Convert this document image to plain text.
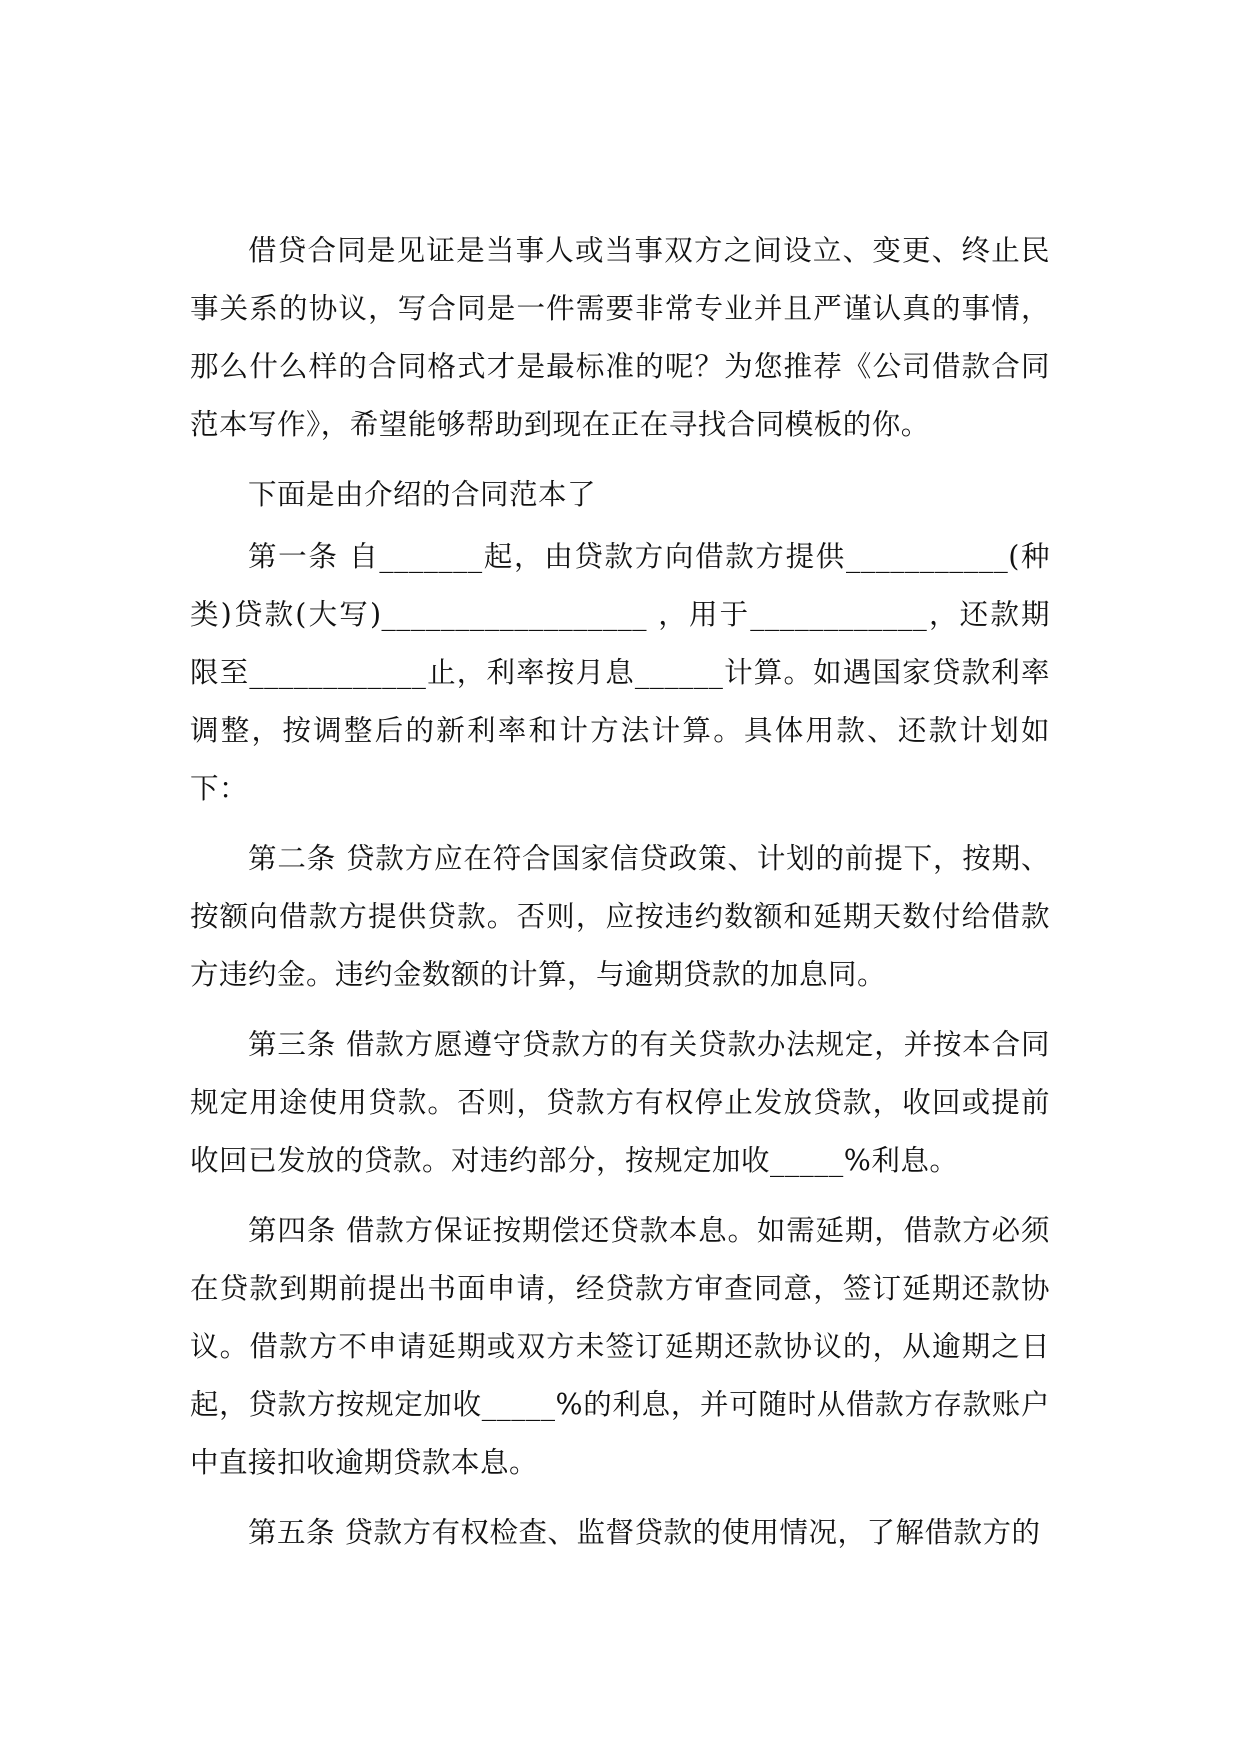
借贷合同是见证是当事人或当事双方之间设立、变更、终止民事关系的协议，写合同是一件需要非常专业并且严谨认真的事情，那么什么样的合同格式才是最标准的呢？为您推荐《公司借款合同范本写作》，希望能够帮助到现在正在寻找合同模板的你。

下面是由介绍的合同范本了

第一条 自_______起，由贷款方向借款方提供___________(种类)贷款(大写)__________________ ，用于____________，还款期限至____________止，利率按月息______计算。如遇国家贷款利率调整，按调整后的新利率和计方法计算。具体用款、还款计划如下：

第二条 贷款方应在符合国家信贷政策、计划的前提下，按期、按额向借款方提供贷款。否则，应按违约数额和延期天数付给借款方违约金。违约金数额的计算，与逾期贷款的加息同。

第三条 借款方愿遵守贷款方的有关贷款办法规定，并按本合同规定用途使用贷款。否则，贷款方有权停止发放贷款，收回或提前收回已发放的贷款。对违约部分，按规定加收_____%利息。

第四条 借款方保证按期偿还贷款本息。如需延期，借款方必须在贷款到期前提出书面申请，经贷款方审查同意，签订延期还款协议。借款方不申请延期或双方未签订延期还款协议的，从逾期之日起，贷款方按规定加收_____%的利息，并可随时从借款方存款账户中直接扣收逾期贷款本息。

第五条 贷款方有权检查、监督贷款的使用情况，了解借款方的
